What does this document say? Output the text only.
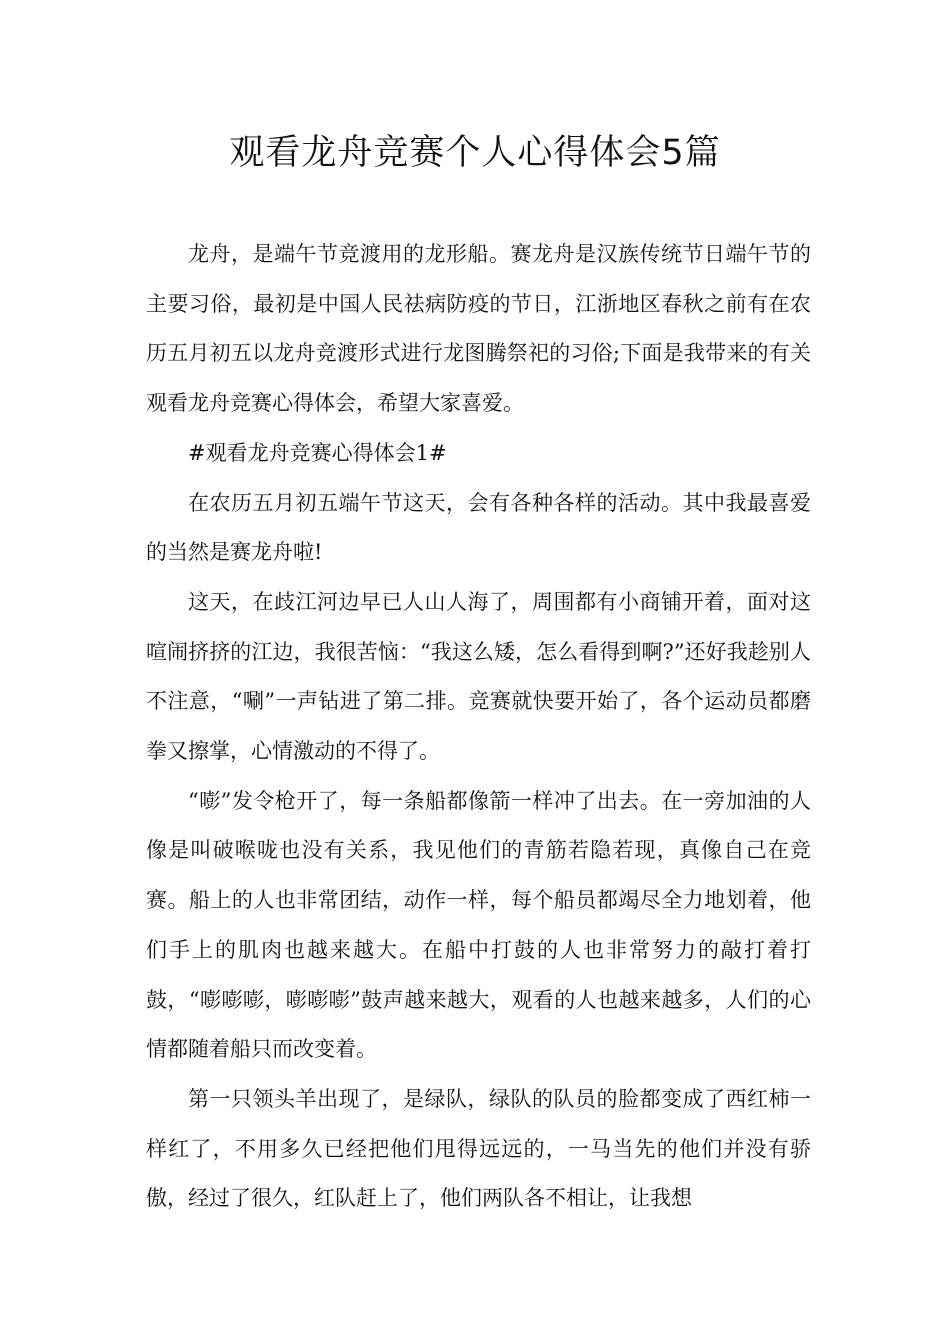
观看龙舟竞赛个人心得体会5篇

龙舟，是端午节竞渡用的龙形船。赛龙舟是汉族传统节日端午节的主要习俗，最初是中国人民祛病防疫的节日，江浙地区春秋之前有在农历五月初五以龙舟竞渡形式进行龙图腾祭祀的习俗;下面是我带来的有关观看龙舟竞赛心得体会，希望大家喜爱。

#观看龙舟竞赛心得体会1#

在农历五月初五端午节这天，会有各种各样的活动。其中我最喜爱的当然是赛龙舟啦!

这天，在歧江河边早已人山人海了，周围都有小商铺开着，面对这喧闹挤挤的江边，我很苦恼：“我这么矮，怎么看得到啊?”还好我趁别人不注意，“唰”一声钻进了第二排。竞赛就快要开始了，各个运动员都磨拳又擦掌，心情激动的不得了。

“嘭”发令枪开了，每一条船都像箭一样冲了出去。在一旁加油的人像是叫破喉咙也没有关系，我见他们的青筋若隐若现，真像自己在竞赛。船上的人也非常团结，动作一样，每个船员都竭尽全力地划着，他们手上的肌肉也越来越大。在船中打鼓的人也非常努力的敲打着打鼓，“嘭嘭嘭，嘭嘭嘭”鼓声越来越大，观看的人也越来越多，人们的心情都随着船只而改变着。

第一只领头羊出现了，是绿队，绿队的队员的脸都变成了西红柿一样红了，不用多久已经把他们甩得远远的，一马当先的他们并没有骄傲，经过了很久，红队赶上了，他们两队各不相让，让我想
